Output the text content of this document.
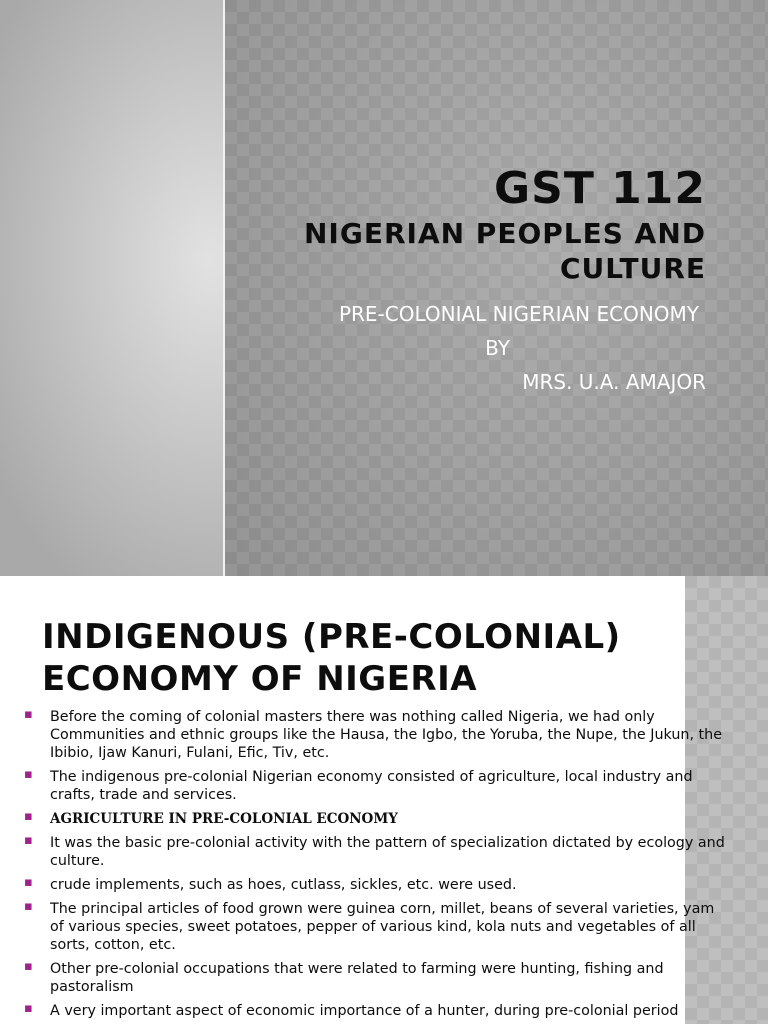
GST 112
NIGERIAN PEOPLES AND
CULTURE
PRE-COLONIAL NIGERIAN ECONOMY
BY
MRS. U.A. AMAJOR
INDIGENOUS (PRE-COLONIAL)
ECONOMY OF NIGERIA
▪ Before the coming of colonial masters there was nothing called Nigeria, we had only Communities and ethnic groups like the Hausa, the Igbo, the Yoruba, the Nupe, the Jukun, the Ibibio, Ijaw Kanuri, Fulani, Efic, Tiv, etc.
▪ The indigenous pre-colonial Nigerian economy consisted of agriculture, local industry and crafts, trade and services.
▪ AGRICULTURE IN PRE-COLONIAL ECONOMY
▪ It was the basic pre-colonial activity with the pattern of specialization dictated by ecology and culture.
▪ crude implements, such as hoes, cutlass, sickles, etc. were used.
▪ The principal articles of food grown were guinea corn, millet, beans of several varieties, yam of various species, sweet potatoes, pepper of various kind, kola nuts and vegetables of all sorts, cotton, etc.
▪ Other pre-colonial occupations that were related to farming were hunting, fishing and pastoralism
▪ A very important aspect of economic importance of a hunter, during pre-colonial period
